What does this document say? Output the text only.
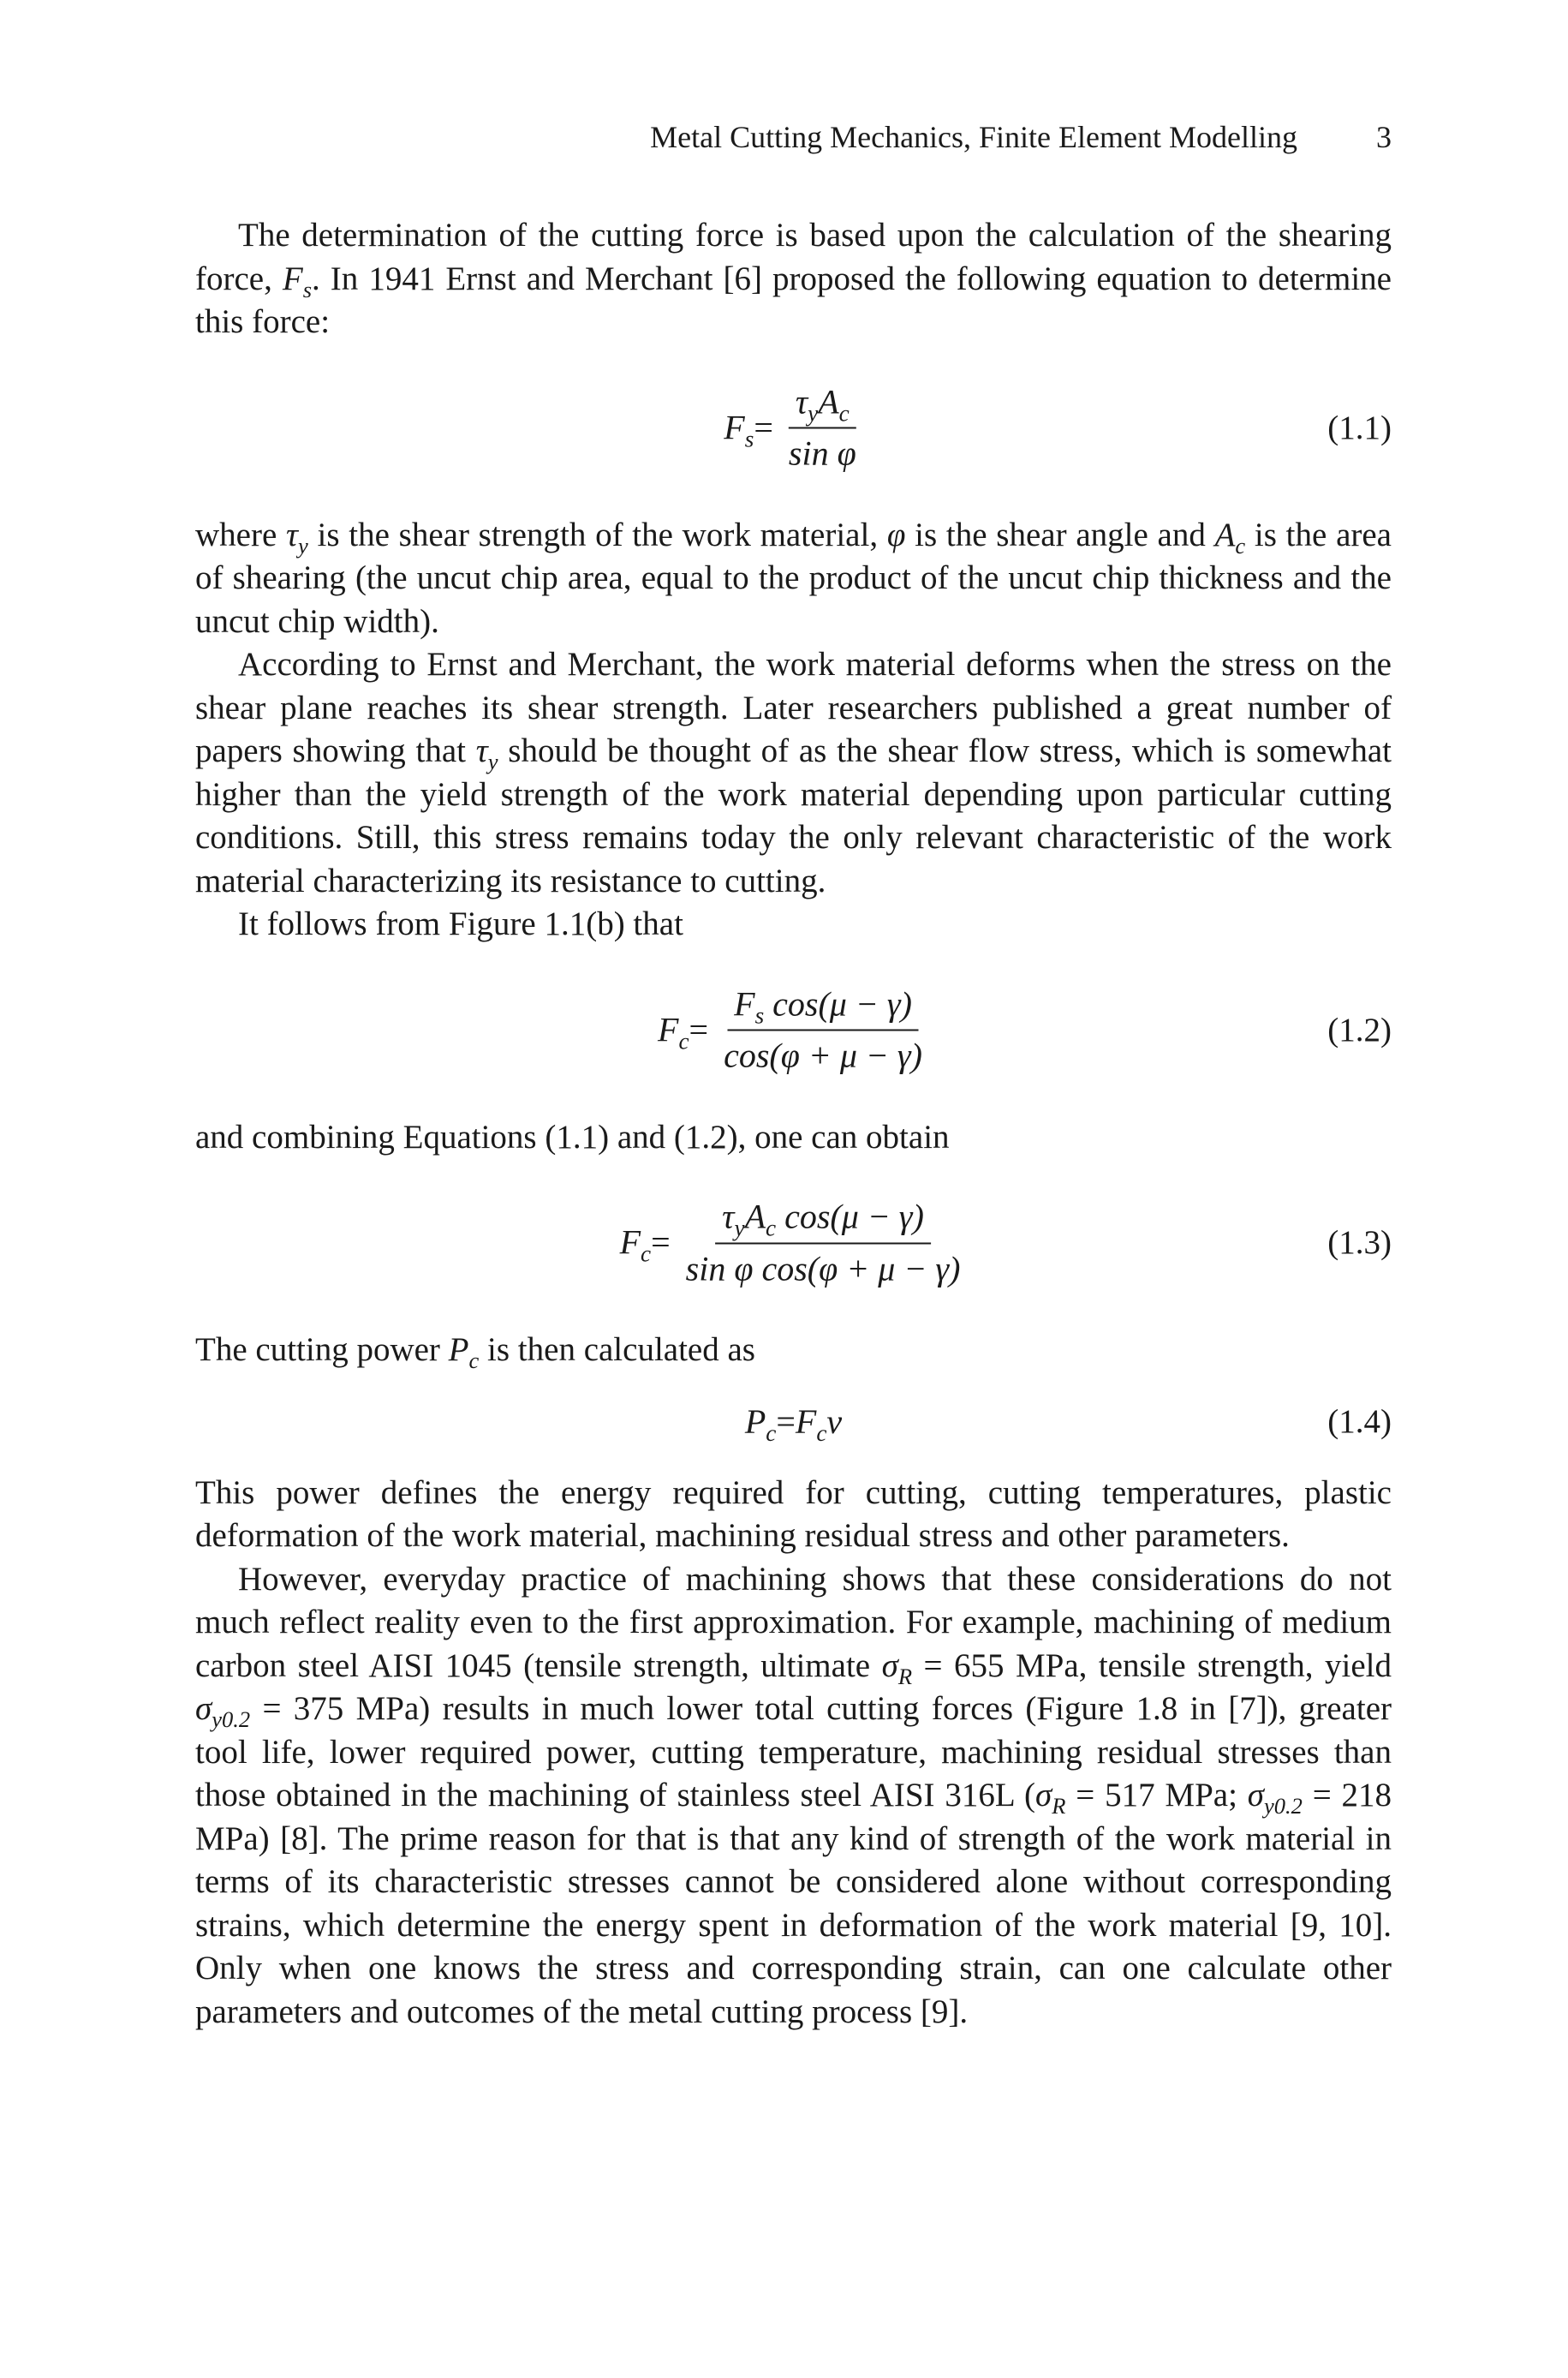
Metal Cutting Mechanics, Finite Element Modelling	3

The determination of the cutting force is based upon the calculation of the shearing force, $F_s$. In 1941 Ernst and Merchant [6] proposed the following equation to determine this force:

$F_s = \frac{\tau_yA_c}{\text{sin φ}}$	(1.1)

where $\tau_y$ is the shear strength of the work material, φ is the shear angle and $A_c$ is the area of shearing (the uncut chip area, equal to the product of the uncut chip thickness and the uncut chip width).

According to Ernst and Merchant, the work material deforms when the stress on the shear plane reaches its shear strength. Later researchers published a great number of papers showing that $\tau_y$ should be thought of as the shear flow stress, which is somewhat higher than the yield strength of the work material depending upon particular cutting conditions. Still, this stress remains today the only relevant characteristic of the work material characterizing its resistance to cutting.

It follows from Figure 1.1(b) that

$F_c = \frac{F_s \cos(\mu - \gamma)}{\cos(\varphi + \mu - \gamma)}$	(1.2)

and combining Equations (1.1) and (1.2), one can obtain

$F_c = \frac{\tau_yA_c \cos(\mu - \gamma)}{\text{sin φ cos(φ + μ − γ)}}$	(1.3)

The cutting power $P_c$ is then calculated as

$P_c = F_cv$	(1.4)

This power defines the energy required for cutting, cutting temperatures, plastic deformation of the work material, machining residual stress and other parameters.

However, everyday practice of machining shows that these considerations do not much reflect reality even to the first approximation. For example, machining of medium carbon steel AISI 1045 (tensile strength, ultimate $\sigma_R = 655$ MPa, tensile strength, yield $\sigma_{y0.2} = 375$ MPa) results in much lower total cutting forces (Figure 1.8 in [7]), greater tool life, lower required power, cutting temperature, machining residual stresses than those obtained in the machining of stainless steel AISI 316L ($\sigma_R = 517$ MPa; $\sigma_{y0.2} = 218$ MPa) [8]. The prime reason for that is that any kind of strength of the work material in terms of its characteristic stresses cannot be considered alone without corresponding strains, which determine the energy spent in deformation of the work material [9, 10]. Only when one knows the stress and corresponding strain, can one calculate other parameters and outcomes of the metal cutting process [9].
